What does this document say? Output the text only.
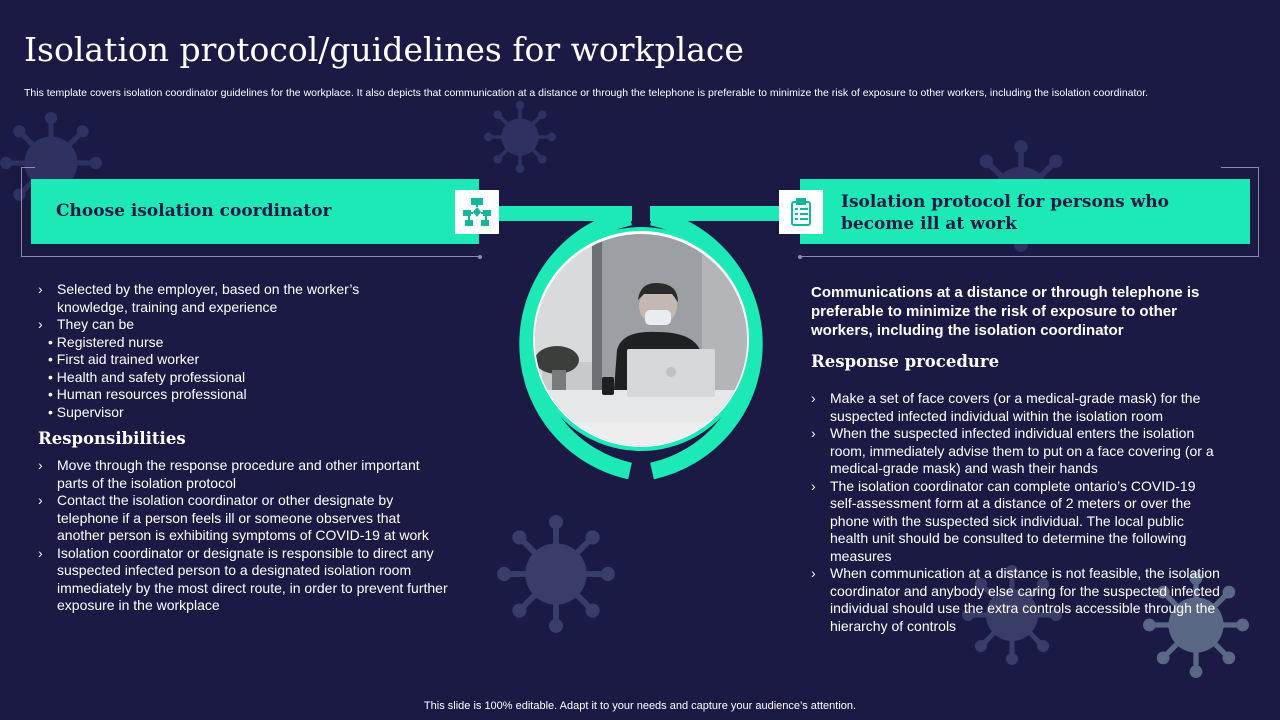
Isolation protocol/guidelines for workplace

This template covers isolation coordinator guidelines for the workplace. It also depicts that communication at a distance or through the telephone is preferable to minimize the risk of exposure to other workers, including the isolation coordinator.

Choose isolation coordinator	Isolation protocol for persons who become ill at work
› Selected by the employer, based on the worker’s knowledge, training and experience
› They can be
• Registered nurse
• First aid trained worker
• Health and safety professional
• Human resources professional
• Supervisor
Responsibilities
› Move through the response procedure and other important parts of the isolation protocol
› Contact the isolation coordinator or other designate by telephone if a person feels ill or someone observes that another person is exhibiting symptoms of COVID-19 at work
› Isolation coordinator or designate is responsible to direct any suspected infected person to a designated isolation room immediately by the most direct route, in order to prevent further exposure in the workplace

Communications at a distance or through telephone is preferable to minimize the risk of exposure to other workers, including the isolation coordinator

Response procedure
› Make a set of face covers (or a medical-grade mask) for the suspected infected individual within the isolation room
› When the suspected infected individual enters the isolation room, immediately advise them to put on a face covering (or a medical-grade mask) and wash their hands
› The isolation coordinator can complete ontario’s COVID-19 self-assessment form at a distance of 2 meters or over the phone with the suspected sick individual. The local public health unit should be consulted to determine the following measures
› When communication at a distance is not feasible, the isolation coordinator and anybody else caring for the suspected infected individual should use the extra controls accessible through the hierarchy of controls
This slide is 100% editable. Adapt it to your needs and capture your audience’s attention.
